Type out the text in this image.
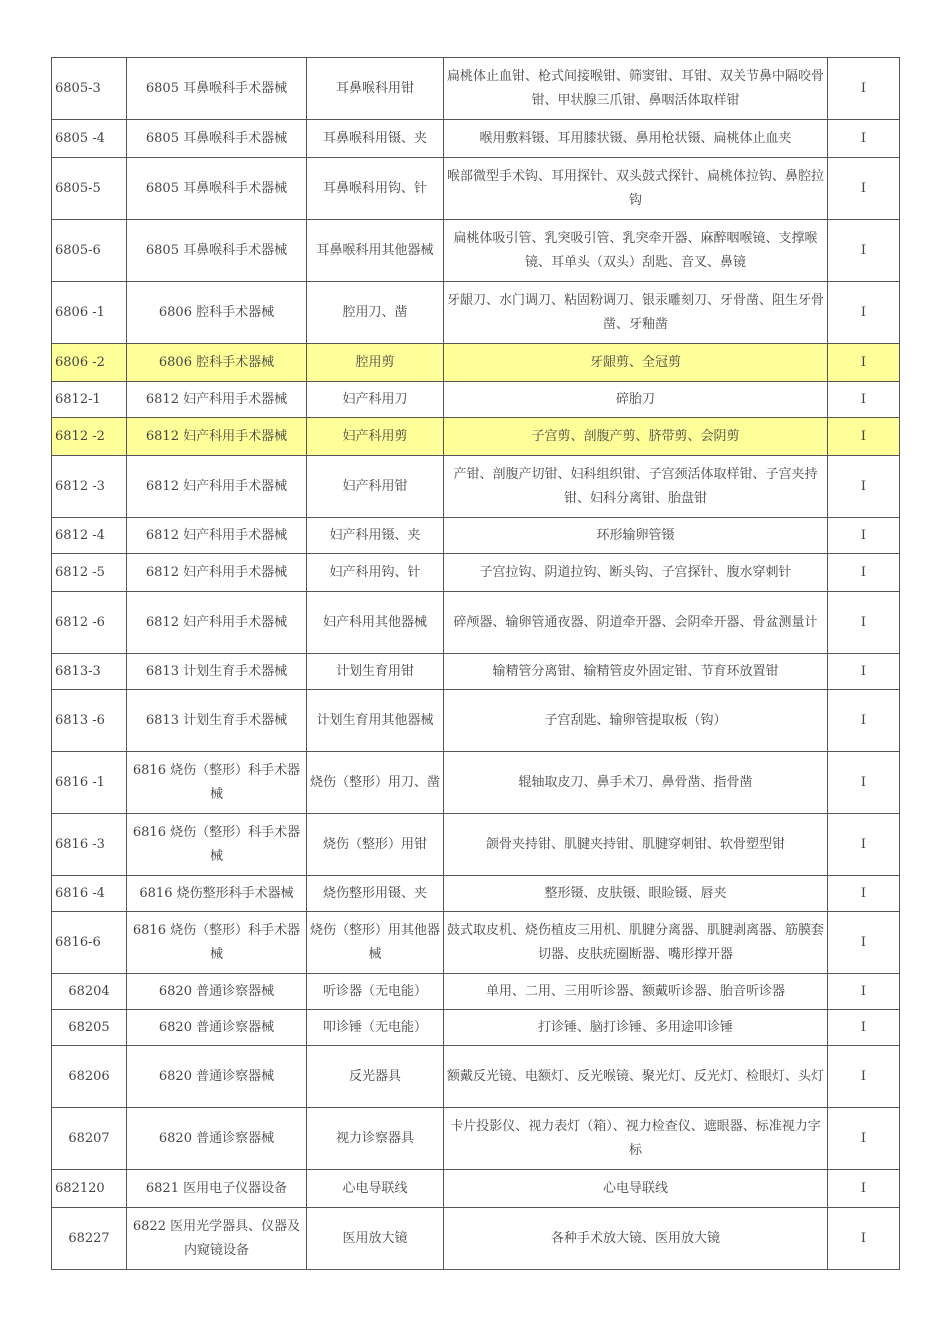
6805-3	6805 耳鼻喉科手术器械	耳鼻喉科用钳	扁桃体止血钳、枪式间接喉钳、筛窦钳、耳钳、双关节鼻中隔咬骨钳、甲状腺三爪钳、鼻咽活体取样钳	I
6805 -4	6805 耳鼻喉科手术器械	耳鼻喉科用镊、夹	喉用敷料镊、耳用膝状镊、鼻用枪状镊、扁桃体止血夹	I
6805-5	6805 耳鼻喉科手术器械	耳鼻喉科用钩、针	喉部微型手术钩、耳用探针、双头鼓式探针、扁桃体拉钩、鼻腔拉钩	I
6805-6	6805 耳鼻喉科手术器械	耳鼻喉科用其他器械	扁桃体吸引管、乳突吸引管、乳突牵开器、麻醉咽喉镜、支撑喉镜、耳单头（双头）刮匙、音叉、鼻镜	I
6806 -1	6806 腔科手术器械	腔用刀、凿	牙龈刀、水门调刀、粘固粉调刀、银汞雕刻刀、牙骨凿、阻生牙骨凿、牙釉凿	I
6806 -2	6806 腔科手术器械	腔用剪	牙龈剪、全冠剪	I
6812-1	6812 妇产科用手术器械	妇产科用刀	碎胎刀	I
6812 -2	6812 妇产科用手术器械	妇产科用剪	子宫剪、剖腹产剪、脐带剪、会阴剪	I
6812 -3	6812 妇产科用手术器械	妇产科用钳	产钳、剖腹产切钳、妇科组织钳、子宫颈活体取样钳、子宫夹持钳、妇科分离钳、胎盘钳	I
6812 -4	6812 妇产科用手术器械	妇产科用镊、夹	环形输卵管镊	I
6812 -5	6812 妇产科用手术器械	妇产科用钩、针	子宫拉钩、阴道拉钩、断头钩、子宫探针、腹水穿刺针	I
6812 -6	6812 妇产科用手术器械	妇产科用其他器械	碎颅器、输卵管通夜器、阴道牵开器、会阴牵开器、骨盆测量计	I
6813-3	6813 计划生育手术器械	计划生育用钳	输精管分离钳、输精管皮外固定钳、节育环放置钳	I
6813 -6	6813 计划生育手术器械	计划生育用其他器械	子宫刮匙、输卵管提取板（钩）	I
6816 -1	6816 烧伤（整形）科手术器械	烧伤（整形）用刀、凿	辊轴取皮刀、鼻手术刀、鼻骨凿、指骨凿	I
6816 -3	6816 烧伤（整形）科手术器械	烧伤（整形）用钳	颌骨夹持钳、肌腱夹持钳、肌腱穿刺钳、软骨塑型钳	I
6816 -4	6816 烧伤整形科手术器械	烧伤整形用镊、夹	整形镊、皮肤镊、眼睑镊、唇夹	I
6816-6	6816 烧伤（整形）科手术器械	烧伤（整形）用其他器械	鼓式取皮机、烧伤植皮三用机、肌腱分离器、肌腱剥离器、筋膜套切器、皮肤疣圈断器、嘴形撑开器	I
68204	6820 普通诊察器械	听诊器（无电能）	单用、二用、三用听诊器、额戴听诊器、胎音听诊器	I
68205	6820 普通诊察器械	叩诊锤（无电能）	打诊锤、脑打诊锤、多用途叩诊锤	I
68206	6820 普通诊察器械	反光器具	额戴反光镜、电额灯、反光喉镜、聚光灯、反光灯、检眼灯、头灯	I
68207	6820 普通诊察器械	视力诊察器具	卡片投影仪、视力表灯（箱）、视力检查仪、遮眼器、标准视力字标	I
682120	6821 医用电子仪器设备	心电导联线	心电导联线	I
68227	6822 医用光学器具、仪器及内窥镜设备	医用放大镜	各种手术放大镜、医用放大镜	I
